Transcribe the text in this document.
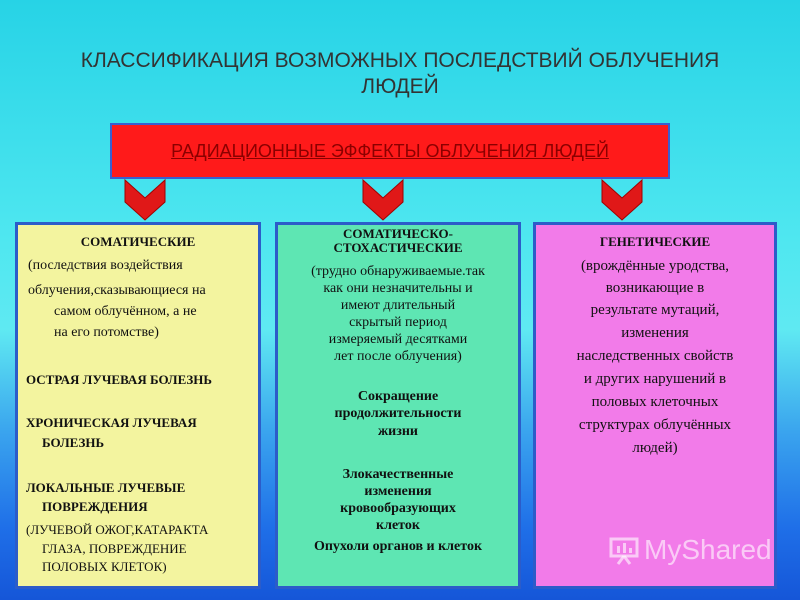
КЛАССИФИКАЦИЯ ВОЗМОЖНЫХ ПОСЛЕДСТВИЙ ОБЛУЧЕНИЯ
ЛЮДЕЙ
РАДИАЦИОННЫЕ ЭФФЕКТЫ ОБЛУЧЕНИЯ ЛЮДЕЙ
СОМАТИЧЕСКИЕ
(последствия воздействия
облучения,сказывающиеся на
самом облучённом, а не
на его потомстве)
ОСТРАЯ ЛУЧЕВАЯ БОЛЕЗНЬ
ХРОНИЧЕСКАЯ ЛУЧЕВАЯ
БОЛЕЗНЬ
ЛОКАЛЬНЫЕ ЛУЧЕВЫЕ
ПОВРЕЖДЕНИЯ
(ЛУЧЕВОЙ ОЖОГ,КАТАРАКТА
ГЛАЗА, ПОВРЕЖДЕНИЕ
ПОЛОВЫХ КЛЕТОК)
СОМАТИЧЕСКО-
СТОХАСТИЧЕСКИЕ
(трудно обнаруживаемые.так
как они незначительны и
имеют длительный
скрытый период
измеряемый десятками
лет после облучения)
Сокращение
продолжительности
жизни
Злокачественные
изменения
кровообразующих
клеток
Опухоли органов и клеток
ГЕНЕТИЧЕСКИЕ
(врождённые уродства,
возникающие в
результате мутаций,
изменения
наследственных свойств
и других нарушений в
половых клеточных
структурах облучённых
людей)
MyShared
